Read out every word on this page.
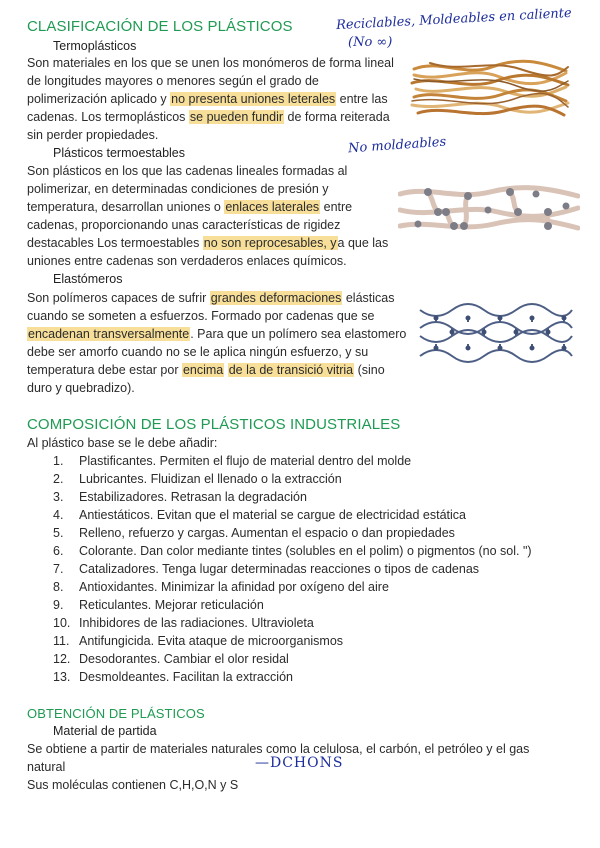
CLASIFICACIÓN DE LOS PLÁSTICOS	Reciclables, Moldeables en caliente
(No ∞)
Termoplásticos
Son materiales en los que se unen los monómeros de forma lineal de longitudes mayores o menores según el grado de polimerización aplicado y no presenta uniones leterales entre las cadenas. Los termoplásticos se pueden fundir de forma reiterada sin perder propiedades.	No moldeables
Plásticos termoestables
Son plásticos en los que las cadenas lineales formadas al polimerizar, en determinadas condiciones de presión y temperatura, desarrollan uniones o enlaces laterales entre cadenas, proporcionando unas características de rigidez destacables Los termoestables no son reprocesables, ya que las uniones entre cadenas son verdaderos enlaces químicos.
Elastómeros
Son polímeros capaces de sufrir grandes deformaciones elásticas cuando se someten a esfuerzos. Formado por cadenas que se encadenan transversalmente. Para que un polímero sea elastomero debe ser amorfo cuando no se le aplica ningún esfuerzo, y su temperatura debe estar por encima de la de transició vitria (sino duro y quebradizo).
COMPOSICIÓN DE LOS PLÁSTICOS INDUSTRIALES
Al plástico base se le debe añadir:
1. Plastificantes. Permiten el flujo de material dentro del molde
2. Lubricantes. Fluidizan el llenado o la extracción
3. Estabilizadores. Retrasan la degradación
4. Antiestáticos. Evitan que el material se cargue de electricidad estática
5. Relleno, refuerzo y cargas. Aumentan el espacio o dan propiedades
6. Colorante. Dan color mediante tintes (solubles en el polim) o pigmentos (no sol. ")
7. Catalizadores. Tenga lugar determinadas reacciones o tipos de cadenas
8. Antioxidantes. Minimizar la afinidad por oxígeno del aire
9. Reticulantes. Mejorar reticulación
10. Inhibidores de las radiaciones. Ultravioleta
11. Antifungicida. Evita ataque de microorganismos
12. Desodorantes. Cambiar el olor residal
13. Desmoldeantes. Facilitan la extracción
OBTENCIÓN DE PLÁSTICOS
Material de partida
Se obtiene a partir de materiales naturales como la celulosa, el carbón, el petróleo y el gas
natural	—DCHONS
Sus moléculas contienen C,H,O,N y S
